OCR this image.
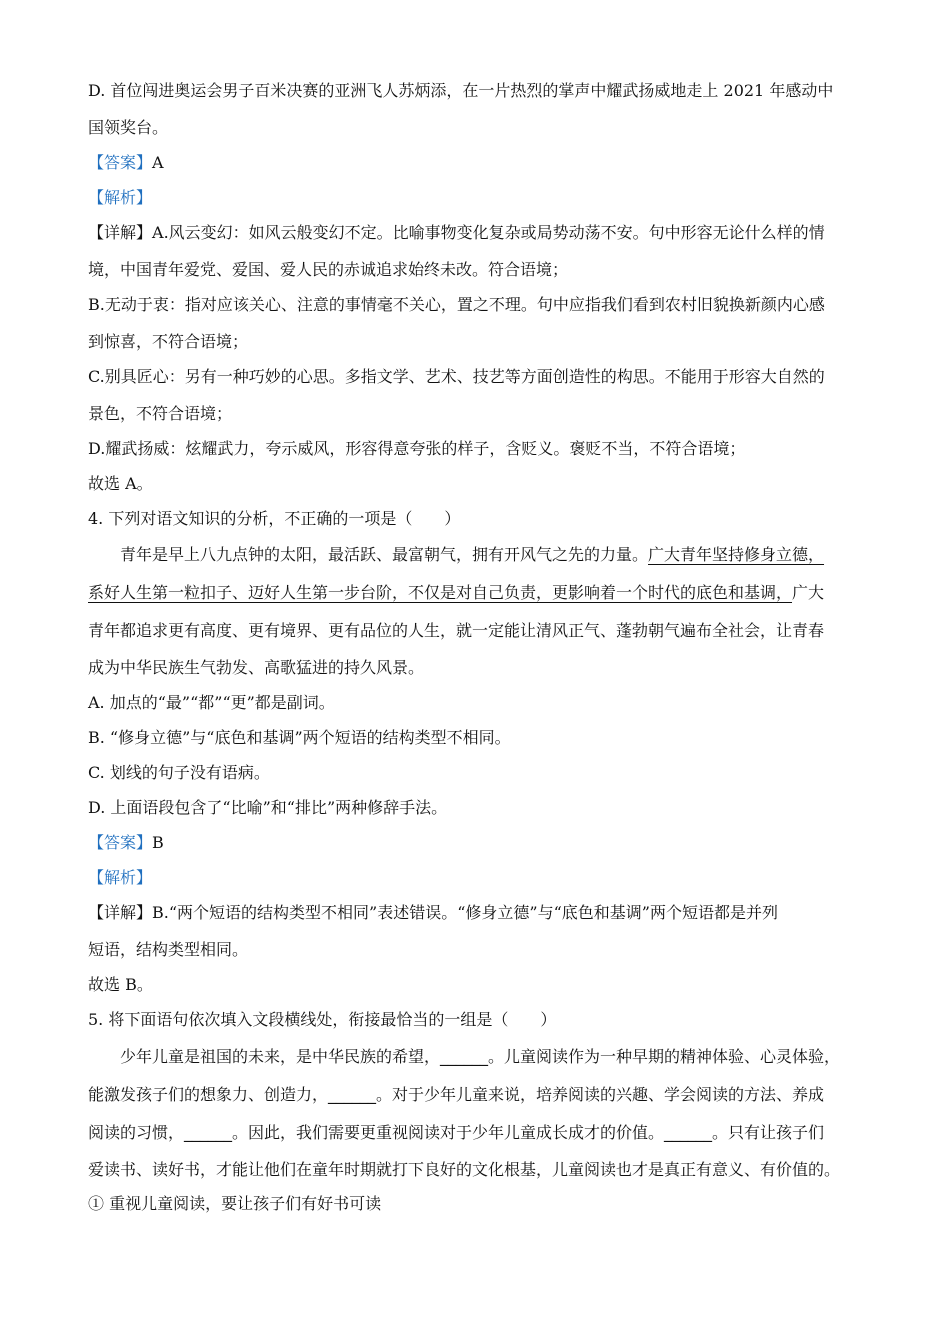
D. 首位闯进奥运会男子百米决赛的亚洲飞人苏炳添，在一片热烈的掌声中耀武扬威地走上 2021 年感动中
国领奖台。
【答案】A
【解析】
【详解】A.风云变幻：如风云般变幻不定。比喻事物变化复杂或局势动荡不安。句中形容无论什么样的情
境，中国青年爱党、爱国、爱人民的赤诚追求始终未改。符合语境；
B.无动于衷：指对应该关心、注意的事情毫不关心，置之不理。句中应指我们看到农村旧貌换新颜内心感
到惊喜，不符合语境；
C.别具匠心：另有一种巧妙的心思。多指文学、艺术、技艺等方面创造性的构思。不能用于形容大自然的
景色，不符合语境；
D.耀武扬威：炫耀武力，夸示威风，形容得意夸张的样子，含贬义。褒贬不当，不符合语境；
故选 A。
4. 下列对语文知识的分析，不正确的一项是（　　）
青年是早上八九点钟的太阳，最活跃、最富朝气，拥有开风气之先的力量。广大青年坚持修身立德，
系好人生第一粒扣子、迈好人生第一步台阶，不仅是对自己负责，更影响着一个时代的底色和基调，广大
青年都追求更有高度、更有境界、更有品位的人生，就一定能让清风正气、蓬勃朝气遍布全社会，让青春
成为中华民族生气勃发、高歌猛进的持久风景。
A. 加点的“最”“都”“更”都是副词。
B. “修身立德”与“底色和基调”两个短语的结构类型不相同。
C. 划线的句子没有语病。
D. 上面语段包含了“比喻”和“排比”两种修辞手法。
【答案】B
【解析】
【详解】B.“两个短语的结构类型不相同”表述错误。“修身立德”与“底色和基调”两个短语都是并列
短语，结构类型相同。
故选 B。
5. 将下面语句依次填入文段横线处，衔接最恰当的一组是（　　）
少年儿童是祖国的未来，是中华民族的希望，______。儿童阅读作为一种早期的精神体验、心灵体验，
能激发孩子们的想象力、创造力，______。对于少年儿童来说，培养阅读的兴趣、学会阅读的方法、养成
阅读的习惯，______。因此，我们需要更重视阅读对于少年儿童成长成才的价值。______。只有让孩子们
爱读书、读好书，才能让他们在童年时期就打下良好的文化根基，儿童阅读也才是真正有意义、有价值的。
① 重视儿童阅读，要让孩子们有好书可读
